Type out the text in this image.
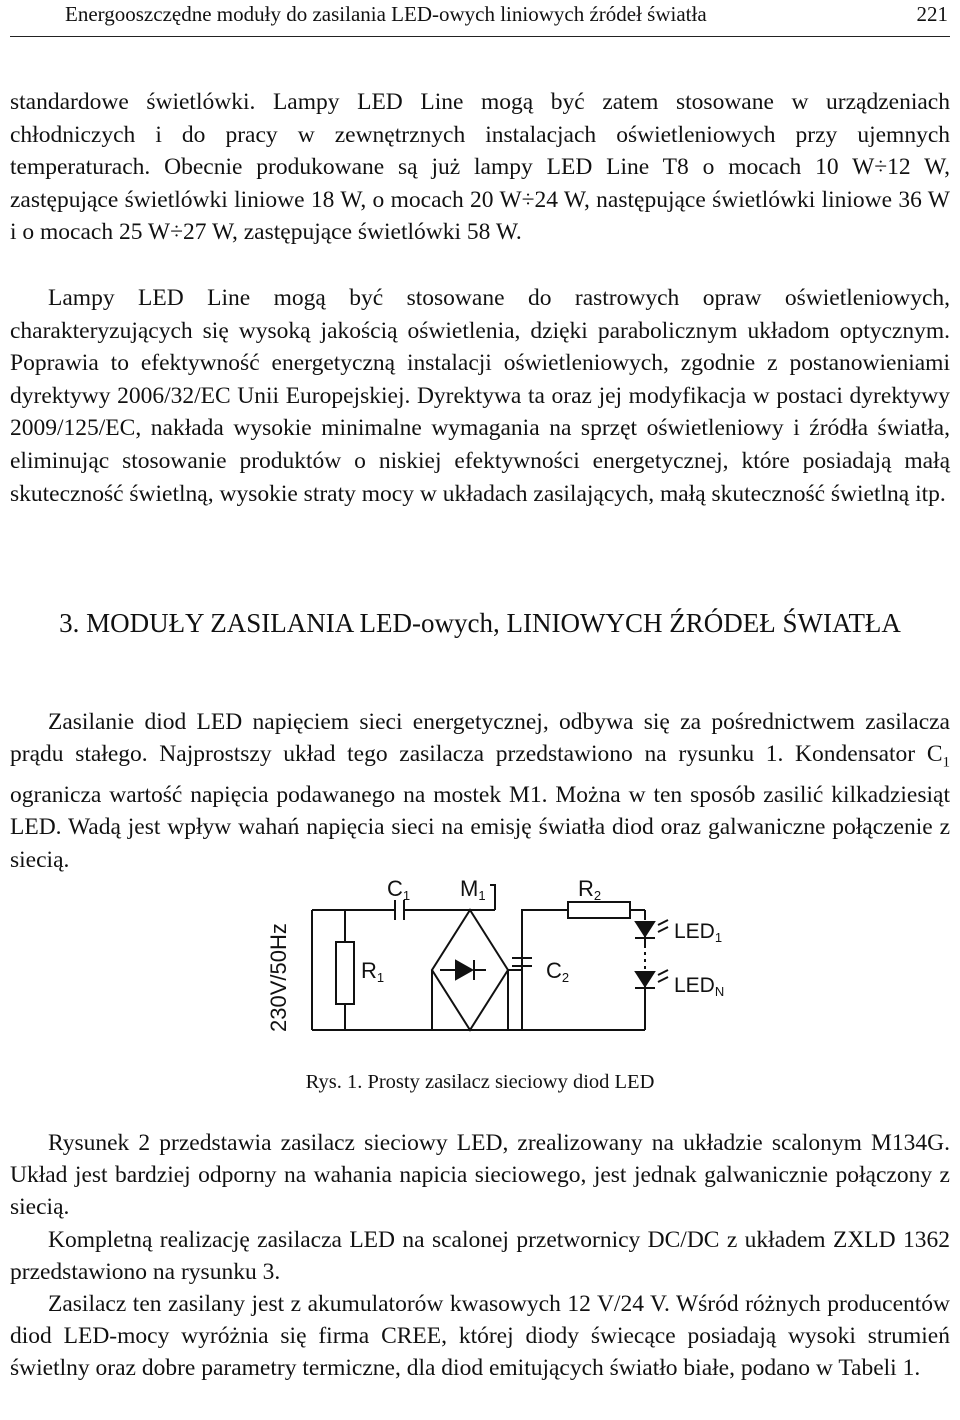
Energooszczędne moduły do zasilania LED-owych liniowych źródeł światła	221

standardowe świetlówki. Lampy LED Line mogą być zatem stosowane w urządzeniach chłodniczych i do pracy w zewnętrznych instalacjach oświetleniowych przy ujemnych temperaturach. Obecnie produkowane są już lampy LED Line T8 o mocach 10 W÷12 W, zastępujące świetlówki liniowe 18 W, o mocach 20 W÷24 W, następujące świetlówki liniowe 36 W i o mocach 25 W÷27 W, zastępujące świetlówki 58 W.

Lampy LED Line mogą być stosowane do rastrowych opraw oświetleniowych, charakteryzujących się wysoką jakością oświetlenia, dzięki parabolicznym układom optycznym. Poprawia to efektywność energetyczną instalacji oświetleniowych, zgodnie z postanowieniami dyrektywy 2006/32/EC Unii Europejskiej. Dyrektywa ta oraz jej modyfikacja w postaci dyrektywy 2009/125/EC, nakłada wysokie minimalne wymagania na sprzęt oświetleniowy i źródła światła, eliminując stosowanie produktów o niskiej efektywności energetycznej, które posiadają małą skuteczność świetlną, wysokie straty mocy w układach zasilających, małą skuteczność świetlną itp.

3. MODUŁY ZASILANIA LED-owych, LINIOWYCH ŹRÓDEŁ ŚWIATŁA

Zasilanie diod LED napięciem sieci energetycznej, odbywa się za pośrednictwem zasilacza prądu stałego. Najprostszy układ tego zasilacza przedstawiono na rysunku 1. Kondensator $C_1$ ogranicza wartość napięcia podawanego na mostek M1. Można w ten sposób zasilić kilkadziesiąt LED. Wadą jest wpływ wahań napięcia sieci na emisję światła diod oraz galwaniczne połączenie z siecią.

C1 M1	R2
R1	C2
LED1
LEDN
230V/50Hz
Rys. 1. Prosty zasilacz sieciowy diod LED

Rysunek 2 przedstawia zasilacz sieciowy LED, zrealizowany na układzie scalonym M134G. Układ jest bardziej odporny na wahania napicia sieciowego, jest jednak galwanicznie połączony z siecią.

Kompletną realizację zasilacza LED na scalonej przetwornicy DC/DC z układem ZXLD 1362 przedstawiono na rysunku 3.

Zasilacz ten zasilany jest z akumulatorów kwasowych 12 V/24 V. Wśród różnych producentów diod LED-mocy wyróżnia się firma CREE, której diody świecące posiadają wysoki strumień świetlny oraz dobre parametry termiczne, dla diod emitujących światło białe, podano w Tabeli 1.
